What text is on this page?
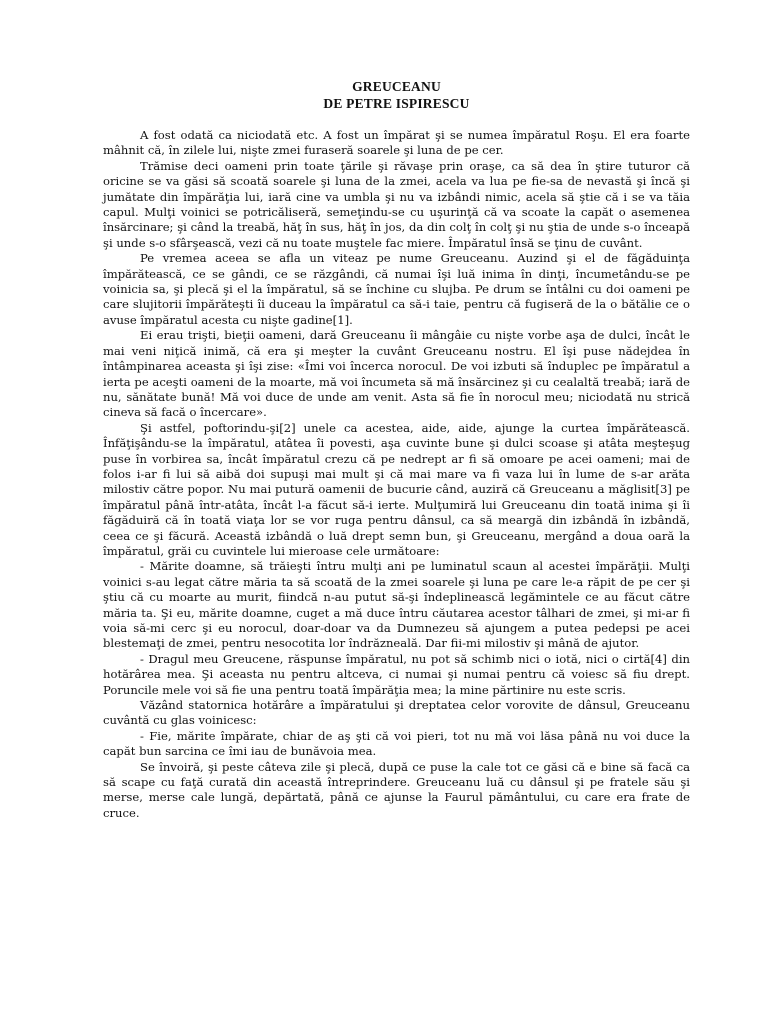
GREUCEANU

DE PETRE ISPIRESCU

A fost odată ca niciodată etc. A fost un împărat şi se numea împăratul Roşu. El era foarte mâhnit că, în zilele lui, nişte zmei furaseră soarele şi luna de pe cer.

Trămise deci oameni prin toate ţările şi răvaşe prin oraşe, ca să dea în ştire tuturor că oricine se va găsi să scoată soarele şi luna de la zmei, acela va lua pe fie-sa de nevastă şi încă şi jumătate din împărăţia lui, iară cine va umbla şi nu va izbândi nimic, acela să ştie că i se va tăia capul. Mulţi voinici se potricăliseră, semeţindu-se cu uşurinţă că va scoate la capăt o asemenea însărcinare; şi când la treabă, hăţ în sus, hăţ în jos, da din colţ în colţ şi nu ştia de unde s-o înceapă şi unde s-o sfârşească, vezi că nu toate muştele fac miere. Împăratul însă se ţinu de cuvânt.

Pe vremea aceea se afla un viteaz pe nume Greuceanu. Auzind şi el de făgăduinţa împărătească, ce se gândi, ce se răzgândi, că numai îşi luă inima în dinţi, încumetându-se pe voinicia sa, şi plecă şi el la împăratul, să se închine cu slujba. Pe drum se întâlni cu doi oameni pe care slujitorii împărăteşti îi duceau la împăratul ca să-i taie, pentru că fugiseră de la o bătălie ce o avuse împăratul acesta cu nişte gadine[1].

Ei erau trişti, bieţii oameni, dară Greuceanu îi mângâie cu nişte vorbe aşa de dulci, încât le mai veni niţică inimă, că era şi meşter la cuvânt Greuceanu nostru. El îşi puse nădejdea în întâmpinarea aceasta şi îşi zise: «Îmi voi încerca norocul. De voi izbuti să înduplec pe împăratul a ierta pe aceşti oameni de la moarte, mă voi încumeta să mă însărcinez şi cu cealaltă treabă; iară de nu, sănătate bună! Mă voi duce de unde am venit. Asta să fie în norocul meu; niciodată nu strică cineva să facă o încercare».

Şi astfel, poftorindu-şi[2] unele ca acestea, aide, aide, ajunge la curtea împărătească. Înfăţişându-se la împăratul, atâtea îi povesti, aşa cuvinte bune şi dulci scoase şi atâta meşteşug puse în vorbirea sa, încât împăratul crezu că pe nedrept ar fi să omoare pe acei oameni; mai de folos i-ar fi lui să aibă doi supuşi mai mult şi că mai mare va fi vaza lui în lume de s-ar arăta milostiv către popor. Nu mai putură oamenii de bucurie când, auziră că Greuceanu a măglisit[3] pe împăratul până într-atâta, încât l-a făcut să-i ierte. Mulţumiră lui Greuceanu din toată inima şi îi făgăduiră că în toată viaţa lor se vor ruga pentru dânsul, ca să meargă din izbândă în izbândă, ceea ce şi făcură. Această izbândă o luă drept semn bun, şi Greuceanu, mergând a doua oară la împăratul, grăi cu cuvintele lui mieroase cele următoare:

- Mărite doamne, să trăieşti întru mulţi ani pe luminatul scaun al acestei împărăţii. Mulţi voinici s-au legat către măria ta să scoată de la zmei soarele şi luna pe care le-a răpit de pe cer şi ştiu că cu moarte au murit, fiindcă n-au putut să-şi îndeplinească legămintele ce au făcut către măria ta. Şi eu, mărite doamne, cuget a mă duce întru căutarea acestor tâlhari de zmei, şi mi-ar fi voia să-mi cerc şi eu norocul, doar-doar va da Dumnezeu să ajungem a putea pedepsi pe acei blestemaţi de zmei, pentru nesocotita lor îndrăzneală. Dar fii-mi milostiv şi mână de ajutor.

- Dragul meu Greucene, răspunse împăratul, nu pot să schimb nici o iotă, nici o cirtă[4] din hotărârea mea. Şi aceasta nu pentru altceva, ci numai şi numai pentru că voiesc să fiu drept. Poruncile mele voi să fie una pentru toată împărăţia mea; la mine părtinire nu este scris.

Văzând statornica hotărâre a împăratului şi dreptatea celor vorovite de dânsul, Greuceanu cuvântă cu glas voinicesc:

- Fie, mărite împărate, chiar de aş şti că voi pieri, tot nu mă voi lăsa până nu voi duce la capăt bun sarcina ce îmi iau de bunăvoia mea.

Se învoiră, şi peste câteva zile şi plecă, după ce puse la cale tot ce găsi că e bine să facă ca să scape cu faţă curată din această întreprindere. Greuceanu luă cu dânsul şi pe fratele său şi merse, merse cale lungă, depărtată, până ce ajunse la Faurul pământului, cu care era frate de cruce.
